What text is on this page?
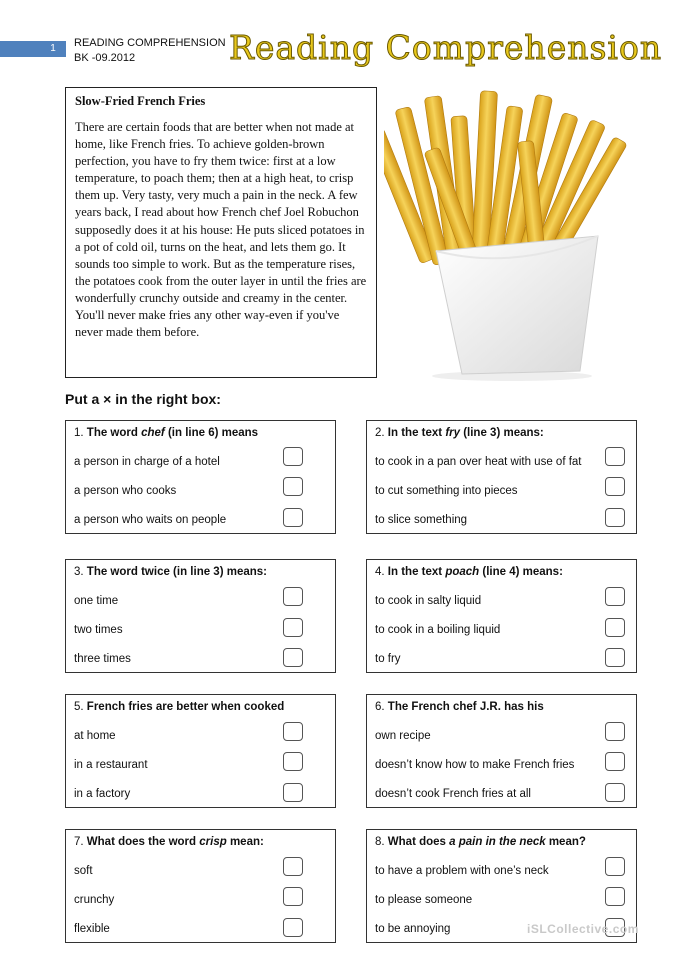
1	READING COMPREHENSION
BK -09.2012	Reading Comprehension
Slow-Fried French Fries

There are certain foods that are better when not made at home, like French fries. To achieve golden-brown perfection, you have to fry them twice: first at a low temperature, to poach them; then at a high heat, to crisp them up. Very tasty, very much a pain in the neck. A few years back, I read about how French chef Joel Robuchon supposedly does it at his house: He puts sliced potatoes in a pot of cold oil, turns on the heat, and lets them go. It sounds too simple to work. But as the temperature rises, the potatoes cook from the outer layer in until the fries are wonderfully crunchy outside and creamy in the center. You'll never make fries any other way-even if you've never made them before.

Put a × in the right box:
1. The word chef (in line 6) means
a person in charge of a hotel
a person who cooks
a person who waits on people
2. In the text fry (line 3) means:
to cook in a pan over heat with use of fat
to cut something into pieces
to slice something
3. The word twice (in line 3) means:
one time
two times
three times
4. In the text poach (line 4) means:
to cook in salty liquid
to cook in a boiling liquid
to fry
5. French fries are better when cooked
at home
in a restaurant
in a factory
6. The French chef J.R. has his
own recipe
doesn’t know how to make French fries
doesn’t cook French fries at all
7. What does the word crisp mean:
soft
crunchy
flexible
8. What does a pain in the neck mean?
to have a problem with one’s neck
to please someone
to be annoying	iSLCollective.com
